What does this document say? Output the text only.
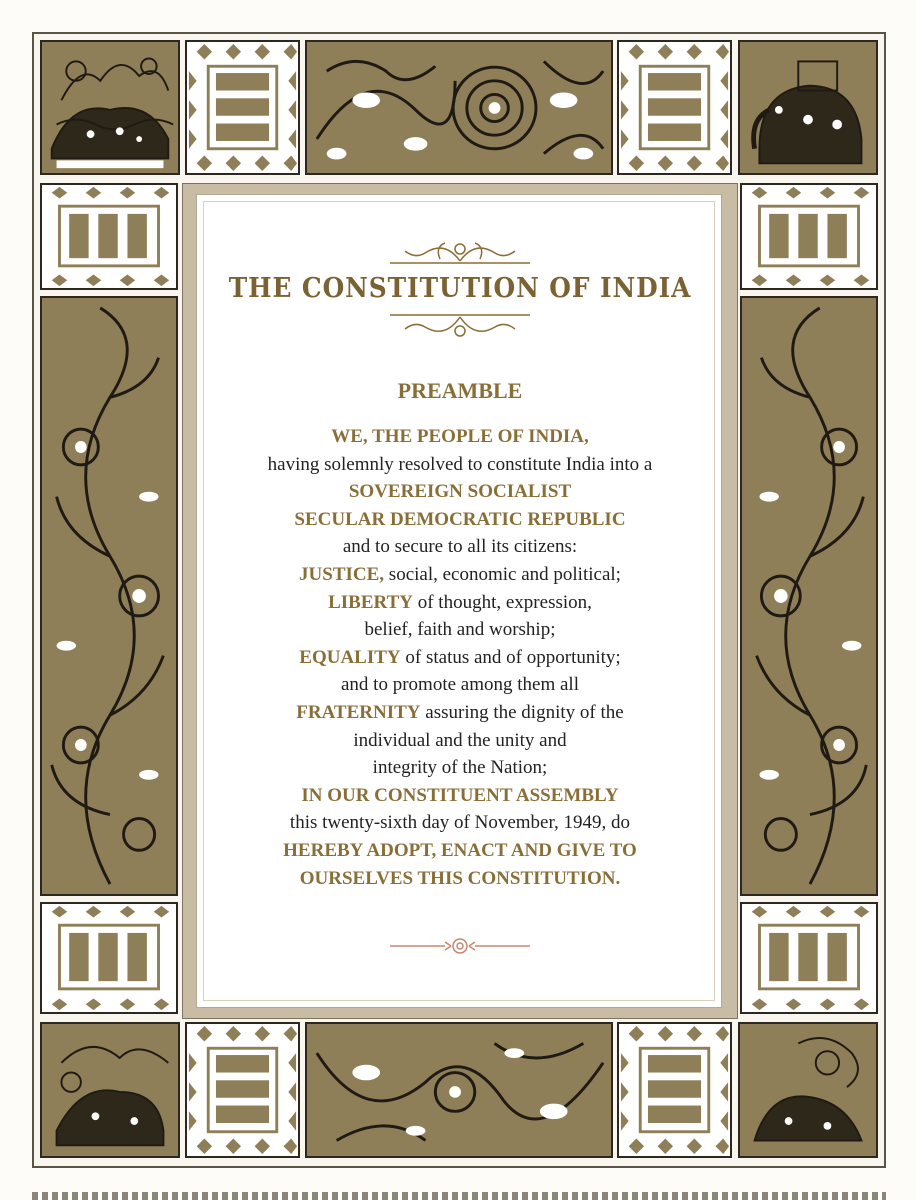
THE CONSTITUTION OF INDIA
PREAMBLE
WE, THE PEOPLE OF INDIA,
having solemnly resolved to constitute India into a
SOVEREIGN SOCIALIST
SECULAR DEMOCRATIC REPUBLIC
and to secure to all its citizens:
JUSTICE, social, economic and political;
LIBERTY of thought, expression,
belief, faith and worship;
EQUALITY of status and of opportunity;
and to promote among them all
FRATERNITY assuring the dignity of the
individual and the unity and
integrity of the Nation;
IN OUR CONSTITUENT ASSEMBLY
this twenty-sixth day of November, 1949, do
HEREBY ADOPT, ENACT AND GIVE TO
OURSELVES THIS CONSTITUTION.
